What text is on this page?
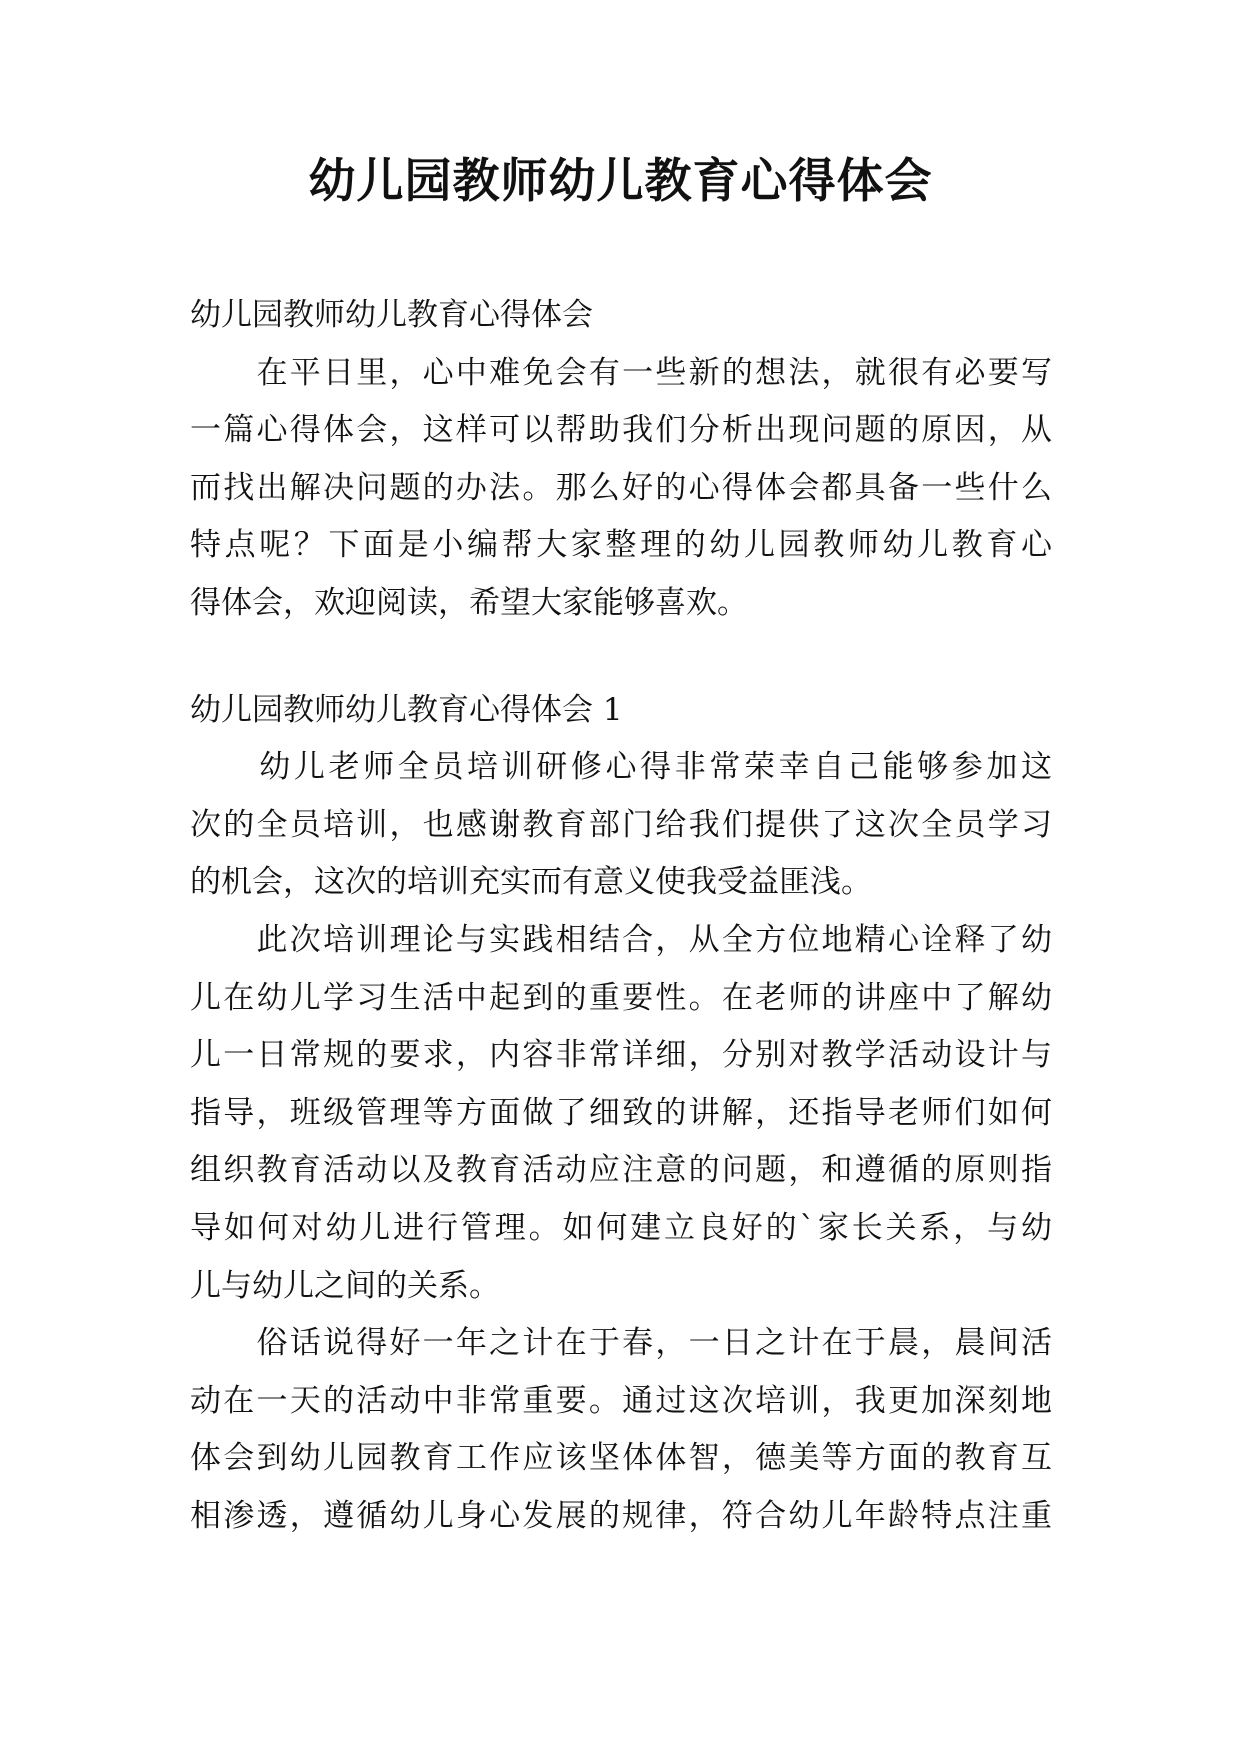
幼儿园教师幼儿教育心得体会
幼儿园教师幼儿教育心得体会
　　在平日里，心中难免会有一些新的想法，就很有必要写
一篇心得体会，这样可以帮助我们分析出现问题的原因，从
而找出解决问题的办法。那么好的心得体会都具备一些什么
特点呢？下面是小编帮大家整理的幼儿园教师幼儿教育心
得体会，欢迎阅读，希望大家能够喜欢。
幼儿园教师幼儿教育心得体会 1
　　幼儿老师全员培训研修心得非常荣幸自己能够参加这
次的全员培训，也感谢教育部门给我们提供了这次全员学习
的机会，这次的培训充实而有意义使我受益匪浅。
　　此次培训理论与实践相结合，从全方位地精心诠释了幼
儿在幼儿学习生活中起到的重要性。在老师的讲座中了解幼
儿一日常规的要求，内容非常详细，分别对教学活动设计与
指导，班级管理等方面做了细致的讲解，还指导老师们如何
组织教育活动以及教育活动应注意的问题，和遵循的原则指
导如何对幼儿进行管理。如何建立良好的`家长关系，与幼
儿与幼儿之间的关系。
　　俗话说得好一年之计在于春，一日之计在于晨，晨间活
动在一天的活动中非常重要。通过这次培训，我更加深刻地
体会到幼儿园教育工作应该坚体体智，德美等方面的教育互
相渗透，遵循幼儿身心发展的规律，符合幼儿年龄特点注重
